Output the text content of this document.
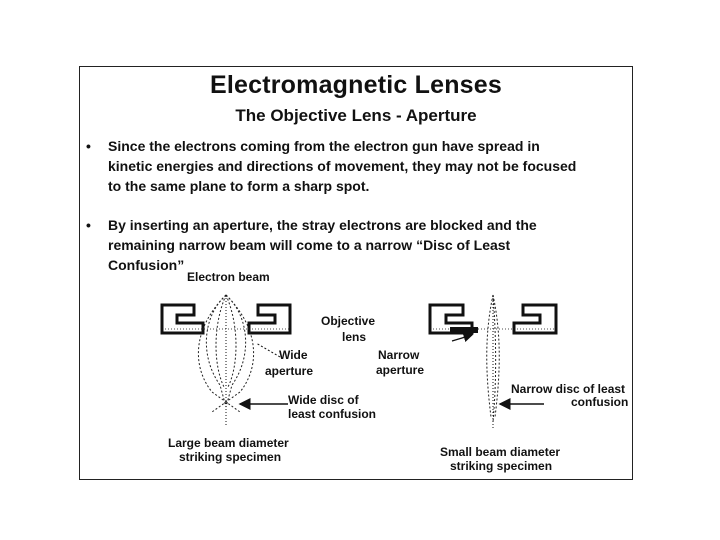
Electromagnetic Lenses
The Objective Lens - Aperture
•	Since the electrons coming from the electron gun have spread in
kinetic energies and directions of movement, they may not be focused
to the same plane to form a sharp spot.
•	By inserting an aperture, the stray electrons are blocked and the
remaining narrow beam will come to a narrow “Disc of Least
Confusion”
Electron beam
Objective
lens
Wide
aperture
Narrow
aperture
Wide disc of
least confusion
Narrow disc of least
confusion
Large beam diameter
striking specimen	Small beam diameter
striking specimen
